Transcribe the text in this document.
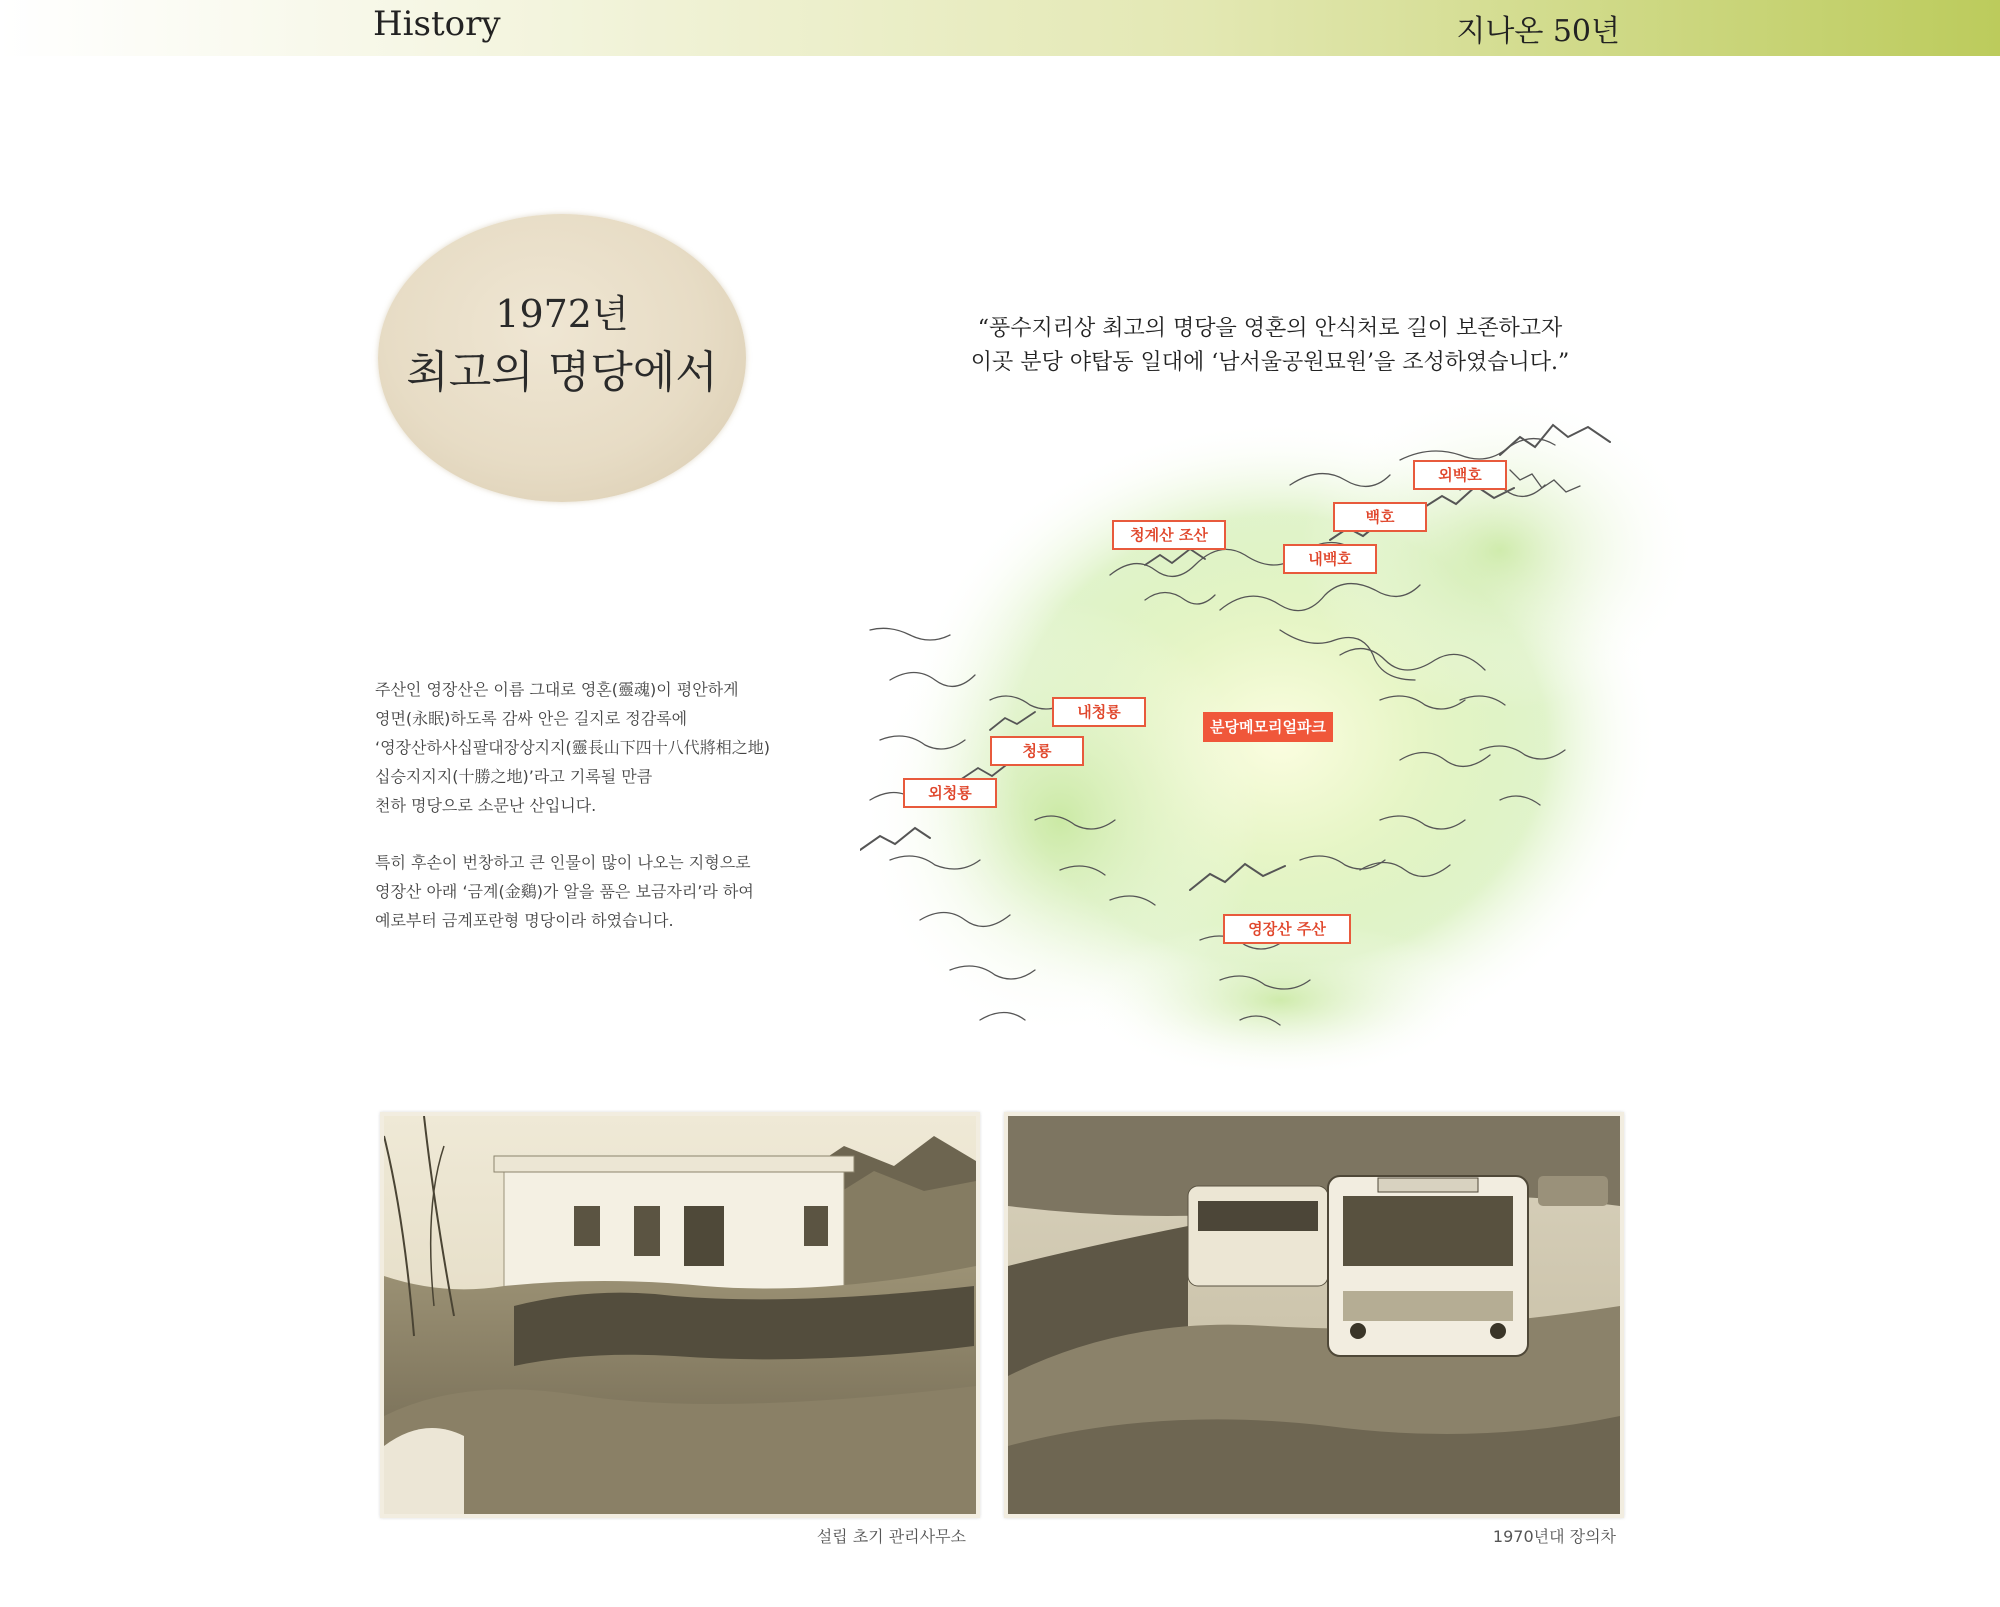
History	지나온 50년
1972년
최고의 명당에서
“풍수지리상 최고의 명당을 영혼의 안식처로 길이 보존하고자
이곳 분당 야탑동 일대에 ‘남서울공원묘원’을 조성하였습니다.”

주산인 영장산은 이름 그대로 영혼(靈魂)이 평안하게
영면(永眠)하도록 감싸 안은 길지로 정감록에
‘영장산하사십팔대장상지지(靈長山下四十八代將相之地)
십승지지지(十勝之地)’라고 기록될 만큼
천하 명당으로 소문난 산입니다.

특히 후손이 번창하고 큰 인물이 많이 나오는 지형으로
영장산 아래 ‘금계(金鷄)가 알을 품은 보금자리’라 하여
예로부터 금계포란형 명당이라 하였습니다.

외백호
백호
청계산 조산
내백호
내청룡
분당메모리얼파크
청룡
외청룡
영장산 주산
설립 초기 관리사무소	1970년대 장의차
